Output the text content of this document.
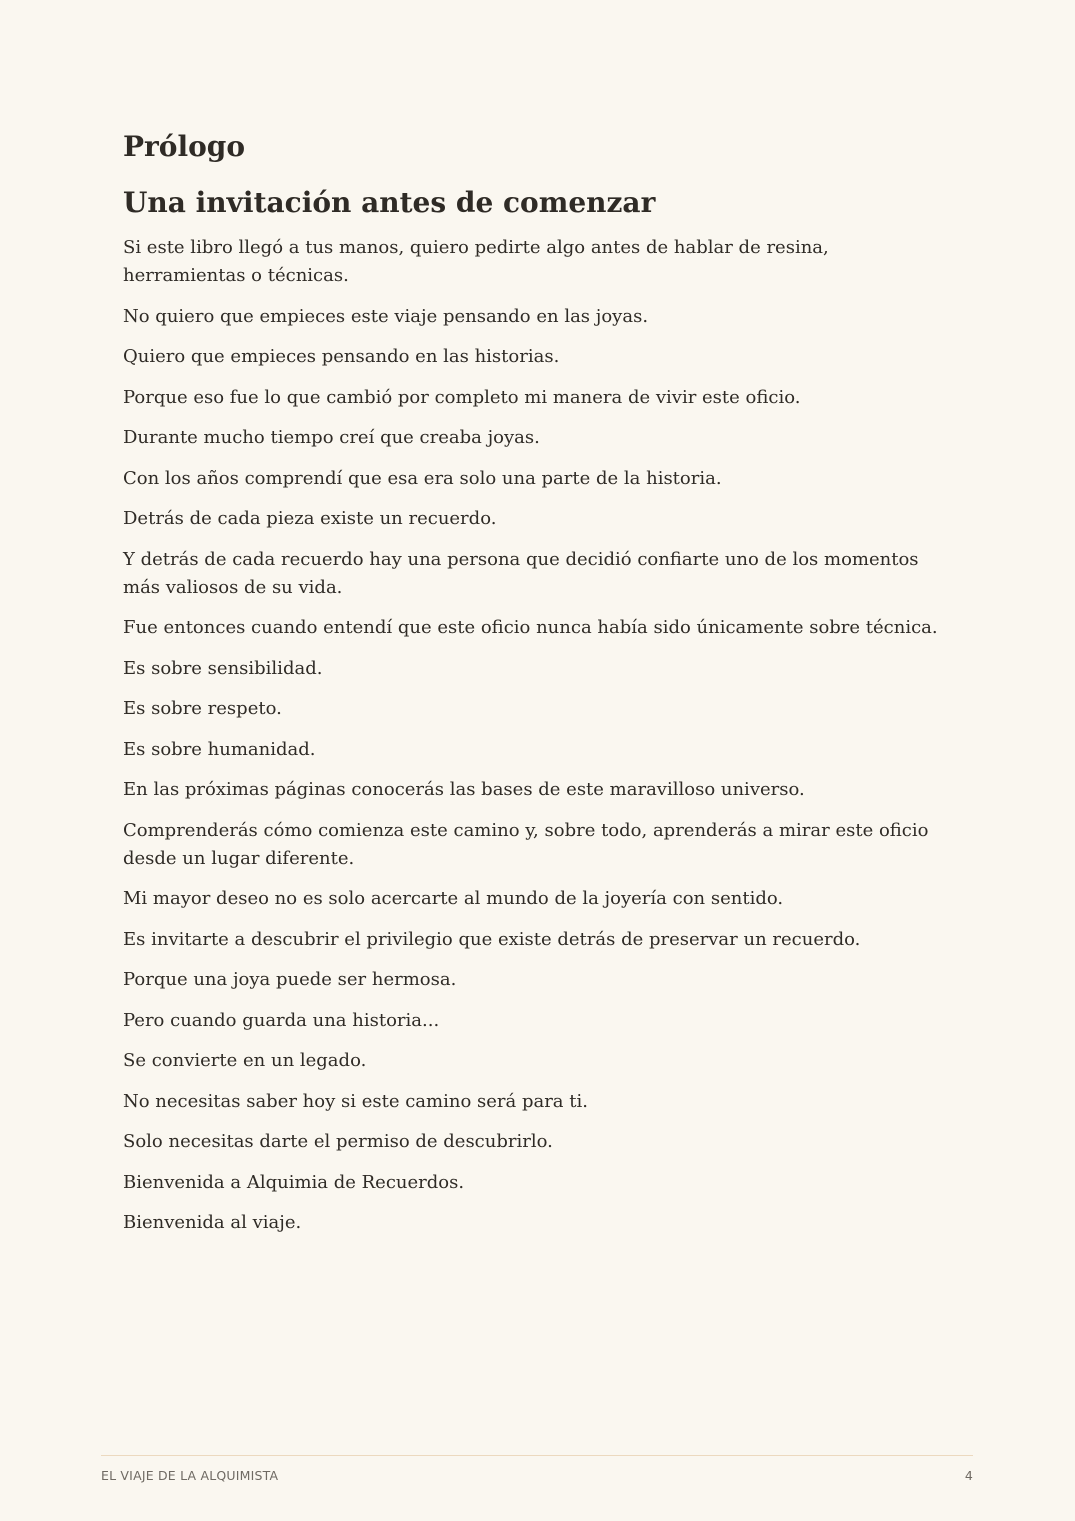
Prólogo
Una invitación antes de comenzar

Si este libro llegó a tus manos, quiero pedirte algo antes de hablar de resina, herramientas o técnicas.

No quiero que empieces este viaje pensando en las joyas.

Quiero que empieces pensando en las historias.

Porque eso fue lo que cambió por completo mi manera de vivir este oficio.

Durante mucho tiempo creí que creaba joyas.

Con los años comprendí que esa era solo una parte de la historia.

Detrás de cada pieza existe un recuerdo.

Y detrás de cada recuerdo hay una persona que decidió confiarte uno de los momentos más valiosos de su vida.

Fue entonces cuando entendí que este oficio nunca había sido únicamente sobre técnica.

Es sobre sensibilidad.

Es sobre respeto.

Es sobre humanidad.

En las próximas páginas conocerás las bases de este maravilloso universo.

Comprenderás cómo comienza este camino y, sobre todo, aprenderás a mirar este oficio desde un lugar diferente.

Mi mayor deseo no es solo acercarte al mundo de la joyería con sentido.

Es invitarte a descubrir el privilegio que existe detrás de preservar un recuerdo.

Porque una joya puede ser hermosa.

Pero cuando guarda una historia...

Se convierte en un legado.

No necesitas saber hoy si este camino será para ti.

Solo necesitas darte el permiso de descubrirlo.

Bienvenida a Alquimia de Recuerdos.

Bienvenida al viaje.

EL VIAJE DE LA ALQUIMISTA	4
